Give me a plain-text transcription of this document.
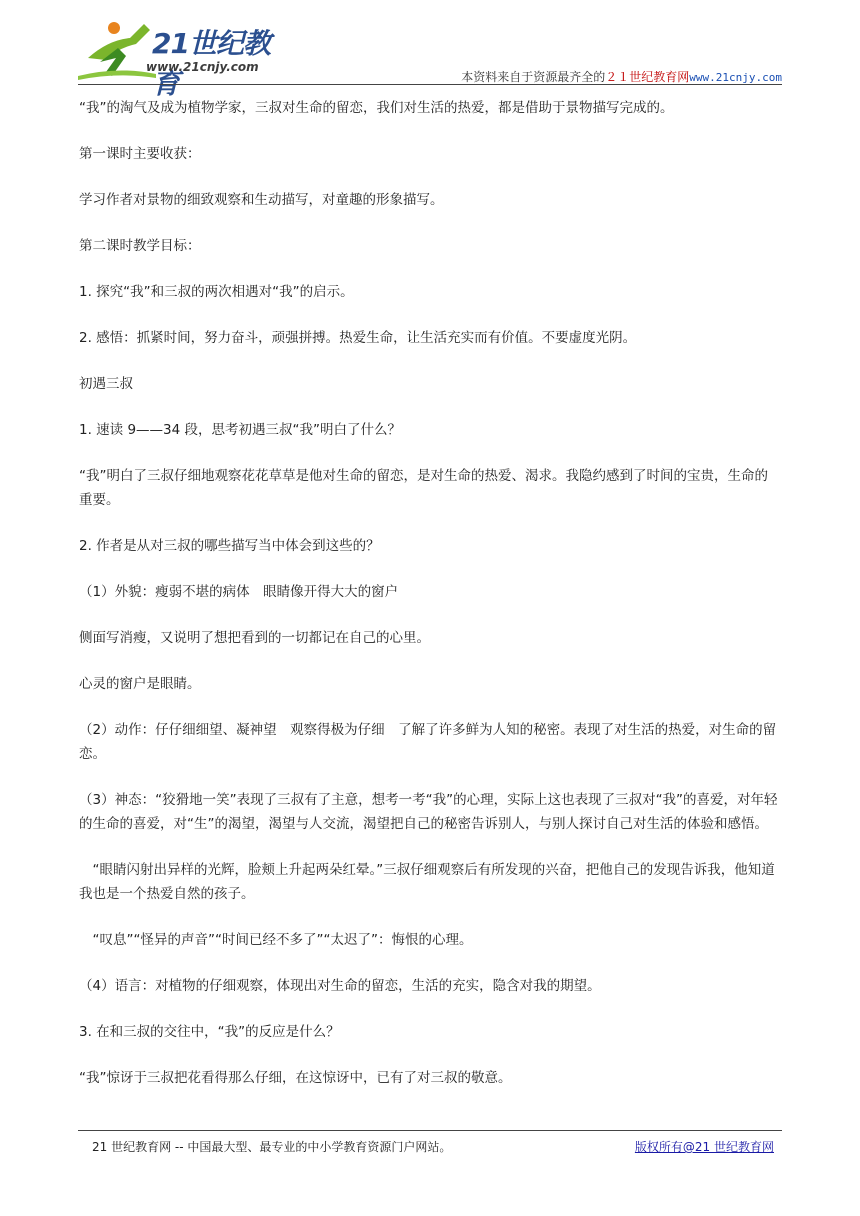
21世纪教育
www.21cnjy.com
本资料来自于资源最齐全的２１世纪教育网www.21cnjy.com

“我”的淘气及成为植物学家，三叔对生命的留恋，我们对生活的热爱，都是借助于景物描写完成的。

第一课时主要收获：

学习作者对景物的细致观察和生动描写，对童趣的形象描写。

第二课时教学目标：

1. 探究“我”和三叔的两次相遇对“我”的启示。

2. 感悟：抓紧时间，努力奋斗，顽强拼搏。热爱生命，让生活充实而有价值。不要虚度光阴。

初遇三叔

1. 速读 9——34 段，思考初遇三叔“我”明白了什么？

“我”明白了三叔仔细地观察花花草草是他对生命的留恋，是对生命的热爱、渴求。我隐约感到了时间的宝贵，生命的重要。

2. 作者是从对三叔的哪些描写当中体会到这些的？

（1）外貌：瘦弱不堪的病体　眼睛像开得大大的窗户

侧面写消瘦，又说明了想把看到的一切都记在自己的心里。

心灵的窗户是眼睛。

（2）动作：仔仔细细望、凝神望　观察得极为仔细　了解了许多鲜为人知的秘密。表现了对生活的热爱，对生命的留恋。

（3）神态：“狡猾地一笑”表现了三叔有了主意，想考一考“我”的心理，实际上这也表现了三叔对“我”的喜爱，对年轻的生命的喜爱，对“生”的渴望，渴望与人交流，渴望把自己的秘密告诉别人，与别人探讨自己对生活的体验和感悟。

　“眼睛闪射出异样的光辉，脸颊上升起两朵红晕。”三叔仔细观察后有所发现的兴奋，把他自己的发现告诉我，他知道我也是一个热爱自然的孩子。

　“叹息”“怪异的声音”“时间已经不多了”“太迟了”：悔恨的心理。

（4）语言：对植物的仔细观察，体现出对生命的留恋，生活的充实，隐含对我的期望。

3. 在和三叔的交往中，“我”的反应是什么？

“我”惊讶于三叔把花看得那么仔细，在这惊讶中，已有了对三叔的敬意。

21 世纪教育网 -- 中国最大型、最专业的中小学教育资源门户网站。	版权所有@21 世纪教育网
